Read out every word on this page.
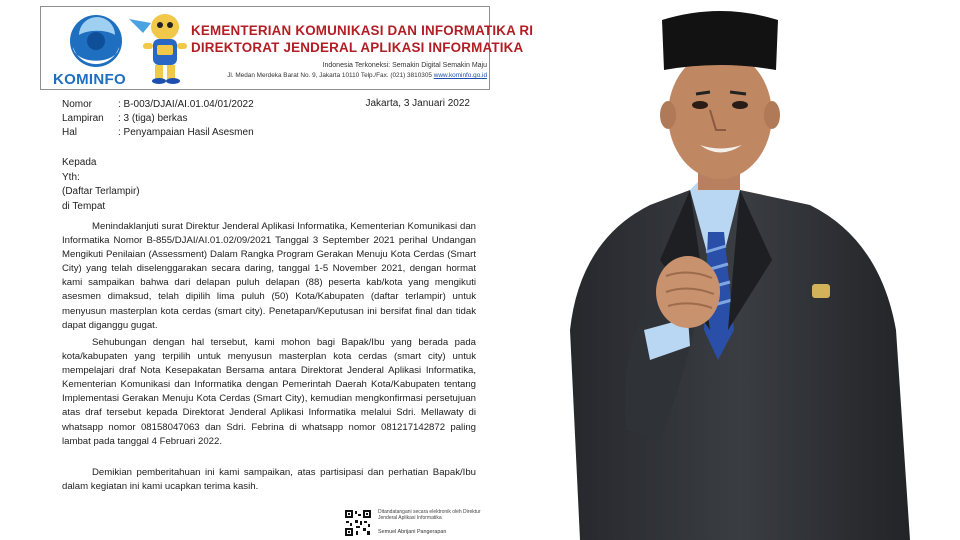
KOMINFO
KEMENTERIAN KOMUNIKASI DAN INFORMATIKA RI
DIREKTORAT JENDERAL APLIKASI INFORMATIKA
Indonesia Terkoneksi: Semakin Digital Semakin Maju
Jl. Medan Merdeka Barat No. 9, Jakarta 10110 Telp./Fax. (021) 3810305 www.kominfo.go.id
Nomor	: B-003/DJAI/AI.01.04/01/2022
Lampiran	: 3 (tiga) berkas
Hal	: Penyampaian Hasil Asesmen
Jakarta, 3 Januari 2022
Kepada
Yth:
(Daftar Terlampir)
di Tempat
Menindaklanjuti surat Direktur Jenderal Aplikasi Informatika, Kementerian Komunikasi dan Informatika Nomor B-855/DJAI/AI.01.02/09/2021 Tanggal 3 September 2021 perihal Undangan Mengikuti Penilaian (Assessment) Dalam Rangka Program Gerakan Menuju Kota Cerdas (Smart City) yang telah diselenggarakan secara daring, tanggal 1-5 November 2021, dengan hormat kami sampaikan bahwa dari delapan puluh delapan (88) peserta kab/kota yang mengikuti asesmen dimaksud, telah dipilih lima puluh (50) Kota/Kabupaten (daftar terlampir) untuk menyusun masterplan kota cerdas (smart city). Penetapan/Keputusan ini bersifat final dan tidak dapat diganggu gugat.
Sehubungan dengan hal tersebut, kami mohon bagi Bapak/Ibu yang berada pada kota/kabupaten yang terpilih untuk menyusun masterplan kota cerdas (smart city) untuk mempelajari draf Nota Kesepakatan Bersama antara Direktorat Jenderal Aplikasi Informatika, Kementerian Komunikasi dan Informatika dengan Pemerintah Daerah Kota/Kabupaten tentang Implementasi Gerakan Menuju Kota Cerdas (Smart City), kemudian mengkonfirmasi persetujuan atas draf tersebut kepada Direktorat Jenderal Aplikasi Informatika melalui Sdri. Mellawaty di whatsapp nomor 08158047063 dan Sdri. Febrina di whatsapp nomor 081217142872 paling lambat pada tanggal 4 Februari 2022.
Demikian pemberitahuan ini kami sampaikan, atas partisipasi dan perhatian Bapak/Ibu dalam kegiatan ini kami ucapkan terima kasih.
Ditandatangani secara elektronik oleh Direktur Jenderal Aplikasi Informatika
Semuel Abrijani Pangerapan
